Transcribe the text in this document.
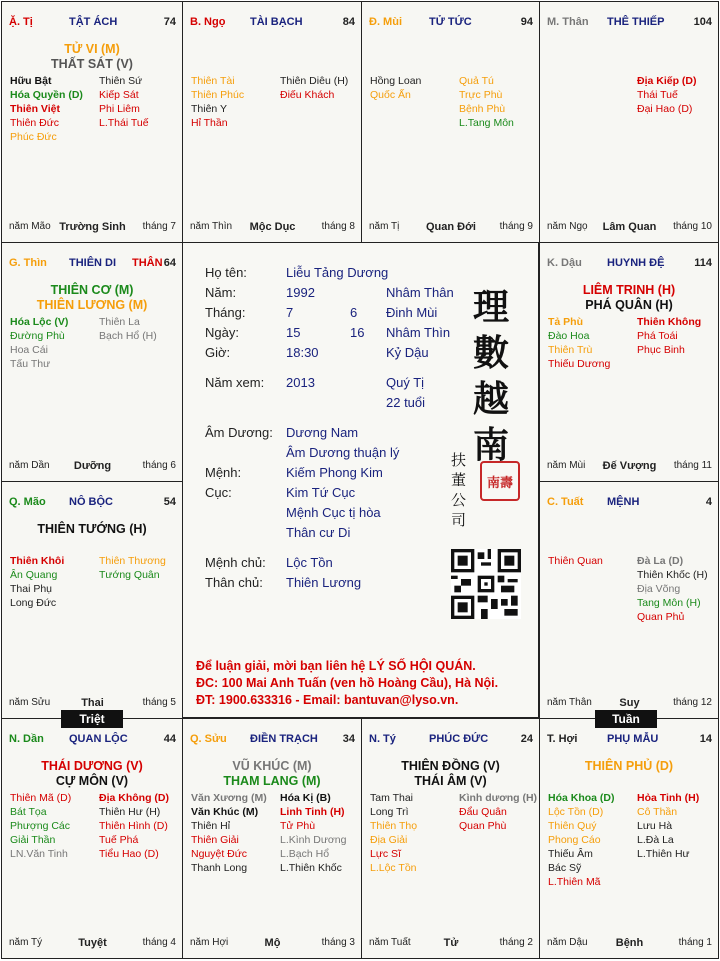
Ặ. Tị	TẬT ÁCH	74
TỬ VI (M)
THẤT SÁT (V)
Hữu Bật
Hóa Quyền (D)
Thiên Việt
Thiên Đức
Phúc Đức
Thiên Sứ
Kiếp Sát
Phi Liêm
L.Thái Tuế
năm Mão Trường Sinh	tháng 7
B. Ngọ TÀI BẠCH	84
Thiên Tài
Thiên Phúc
Thiên Y
Hỉ Thần
Thiên Diêu (H)
Điếu Khách
năm Thìn	Mộc Dục	tháng 8
Đ. Mùi TỬ TỨC	94
Hồng Loan
Quốc Ấn
Quả Tú
Trực Phù
Bệnh Phù
L.Tang Môn
năm Tị	Quan Đới	tháng 9
M. Thân THÊ THIẾP	104
Địa Kiếp (D)
Thái Tuế
Đại Hao (D)
năm Ngọ	Lâm Quan	tháng 10
G. Thìn THIÊN DI THÂN 64
THIÊN CƠ (M)
THIÊN LƯƠNG (M)
Hóa Lộc (V)
Đường Phù
Hoa Cái
Tấu Thư
Thiên La
Bạch Hổ (H)
năm Dần	Dưỡng	tháng 6
K. Dậu HUYNH ĐỆ	114
LIÊM TRINH (H)
PHÁ QUÂN (H)
Tả Phù
Đào Hoa
Thiên Trù
Thiếu Dương
Thiên Không
Phá Toái
Phục Binh
năm Mùi	Đế Vượng	tháng 11
Q. Mão NÔ BỘC	54
THIÊN TƯỚNG (H)
Thiên Khôi
Ân Quang
Thai Phụ
Long Đức
Thiên Thương
Tướng Quân
năm Sửu	Thai	tháng 5
C. Tuất MỆNH	4
Thiên Quan	Đà La (D)
Thiên Khốc (H)
Địa Võng
Tang Môn (H)
Quan Phủ
năm Thân	Suy	tháng 12
N. Dần QUAN LỘC	44
THÁI DƯƠNG (V)
CỰ MÔN (V)
Thiên Mã (D)
Bát Tọa
Phượng Các
Giải Thần
LN.Văn Tinh
Địa Không (D)
Thiên Hư (H)
Thiên Hình (D)
Tuế Phá
Tiểu Hao (D)
năm Tý	Tuyệt	tháng 4
Q. Sửu ĐIỀN TRẠCH 34
VŨ KHÚC (M)
THAM LANG (M)
Văn Xương (M)
Văn Khúc (M)
Thiên Hỉ
Thiên Giải
Nguyệt Đức
Thanh Long
Hóa Kị (B)
Linh Tinh (H)
Tử Phù
L.Kình Dương
L.Bạch Hổ
L.Thiên Khốc
năm Hợi	Mộ	tháng 3
N. Tý	PHÚC ĐỨC	24
THIÊN ĐỒNG (V)
THÁI ÂM (V)
Tam Thai
Long Trì
Thiên Thọ
Địa Giải
Lực Sĩ
L.Lộc Tồn
Kình dương (H)
Đẩu Quân
Quan Phù
năm Tuất	Tử	tháng 2
T. Hợi	PHỤ MẪU	14
THIÊN PHỦ (D)
Hóa Khoa (D)
Lộc Tồn (D)
Thiên Quý
Phong Cáo
Thiếu Âm
Bác Sỹ
L.Thiên Mã
Hỏa Tinh (H)
Cô Thần
Lưu Hà
L.Đà La
L.Thiên Hư
năm Dậu	Bệnh	tháng 1
Họ tên:	Liễu Tảng Dương
Năm:	1992	Nhâm Thân
Tháng:	7	6 Đinh Mùi
Ngày:	15	16 Nhâm Thìn
Giờ:	18:30	Kỷ Dậu
Năm xem: 2013	Quý Tị
22 tuổi
Âm Dương: Dương Nam
Âm Dương thuận lý
Mệnh:	Kiếm Phong Kim
Cục:	Kim Tứ Cục
Mệnh Cục tị hòa
Thân cư Di
Mệnh chủ: Lộc Tồn
Thân chủ: Thiên Lương
理
數
越
南
扶
董
公
司
南 壽
Để luận giải, mời bạn liên hệ LÝ SỐ HỘI QUÁN.
ĐC: 100 Mai Anh Tuấn (ven hồ Hoàng Cầu), Hà Nội.
ĐT: 1900.633316 - Email: bantuvan@lyso.vn.
Triệt	Tuần
